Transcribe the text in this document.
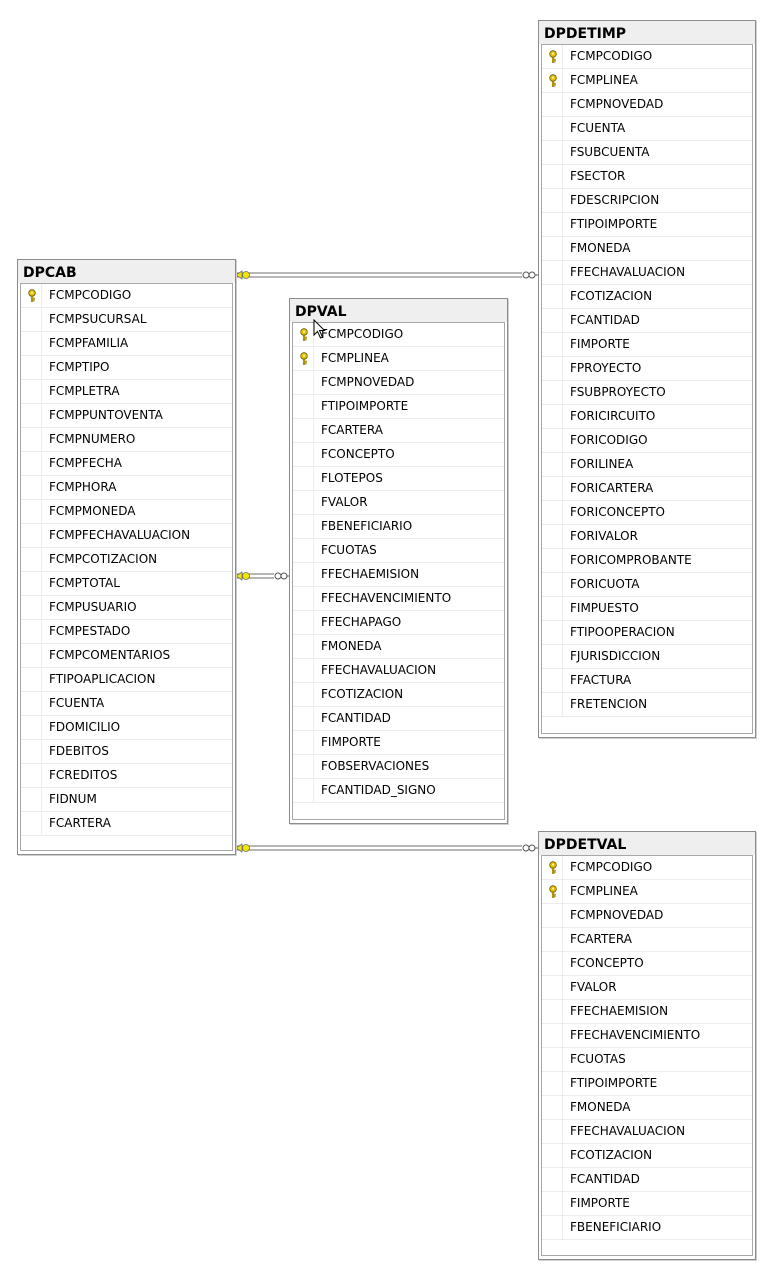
DPCAB
FCMPCODIGO
FCMPSUCURSAL
FCMPFAMILIA
FCMPTIPO
FCMPLETRA
FCMPPUNTOVENTA
FCMPNUMERO
FCMPFECHA
FCMPHORA
FCMPMONEDA
FCMPFECHAVALUACION
FCMPCOTIZACION
FCMPTOTAL
FCMPUSUARIO
FCMPESTADO
FCMPCOMENTARIOS
FTIPOAPLICACION
FCUENTA
FDOMICILIO
FDEBITOS
FCREDITOS
FIDNUM
FCARTERA
DPVAL
FCMPCODIGO
FCMPLINEA
FCMPNOVEDAD
FTIPOIMPORTE
FCARTERA
FCONCEPTO
FLOTEPOS
FVALOR
FBENEFICIARIO
FCUOTAS
FFECHAEMISION
FFECHAVENCIMIENTO
FFECHAPAGO
FMONEDA
FFECHAVALUACION
FCOTIZACION
FCANTIDAD
FIMPORTE
FOBSERVACIONES
FCANTIDAD_SIGNO
DPDETIMP
FCMPCODIGO
FCMPLINEA
FCMPNOVEDAD
FCUENTA
FSUBCUENTA
FSECTOR
FDESCRIPCION
FTIPOIMPORTE
FMONEDA
FFECHAVALUACION
FCOTIZACION
FCANTIDAD
FIMPORTE
FPROYECTO
FSUBPROYECTO
FORICIRCUITO
FORICODIGO
FORILINEA
FORICARTERA
FORICONCEPTO
FORIVALOR
FORICOMPROBANTE
FORICUOTA
FIMPUESTO
FTIPOOPERACION
FJURISDICCION
FFACTURA
FRETENCION
DPDETVAL
FCMPCODIGO
FCMPLINEA
FCMPNOVEDAD
FCARTERA
FCONCEPTO
FVALOR
FFECHAEMISION
FFECHAVENCIMIENTO
FCUOTAS
FTIPOIMPORTE
FMONEDA
FFECHAVALUACION
FCOTIZACION
FCANTIDAD
FIMPORTE
FBENEFICIARIO
